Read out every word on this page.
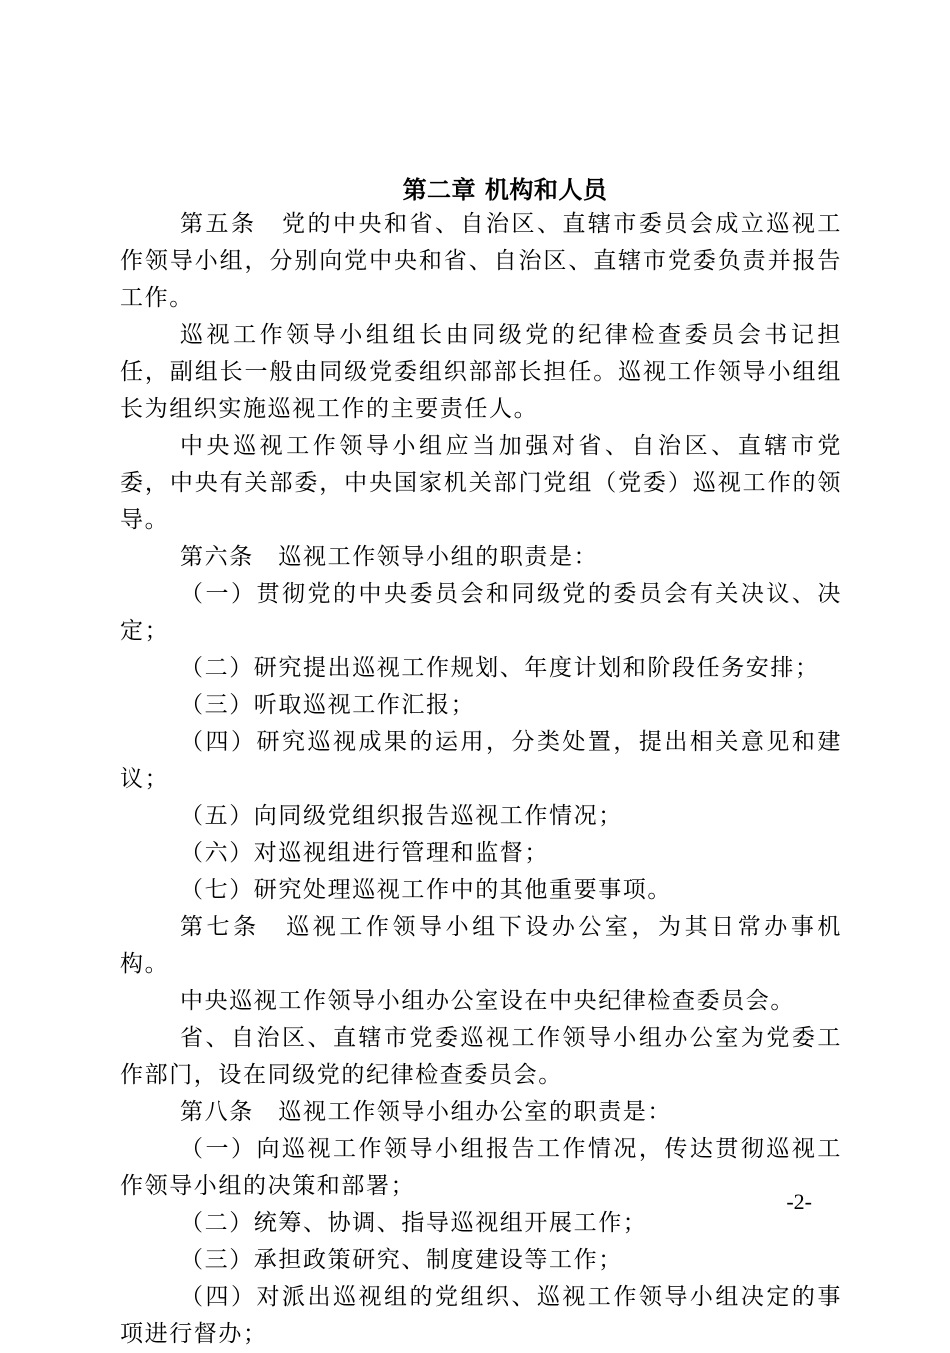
第二章 机构和人员

第五条　党的中央和省、自治区、直辖市委员会成立巡视工作领导小组，分别向党中央和省、自治区、直辖市党委负责并报告工作。

巡视工作领导小组组长由同级党的纪律检查委员会书记担任，副组长一般由同级党委组织部部长担任。巡视工作领导小组组长为组织实施巡视工作的主要责任人。

中央巡视工作领导小组应当加强对省、自治区、直辖市党委，中央有关部委，中央国家机关部门党组（党委）巡视工作的领导。

第六条　巡视工作领导小组的职责是：

（一）贯彻党的中央委员会和同级党的委员会有关决议、决定；

（二）研究提出巡视工作规划、年度计划和阶段任务安排；

（三）听取巡视工作汇报；

（四）研究巡视成果的运用，分类处置，提出相关意见和建议；

（五）向同级党组织报告巡视工作情况；

（六）对巡视组进行管理和监督；

（七）研究处理巡视工作中的其他重要事项。

第七条　巡视工作领导小组下设办公室，为其日常办事机构。

中央巡视工作领导小组办公室设在中央纪律检查委员会。

省、自治区、直辖市党委巡视工作领导小组办公室为党委工作部门，设在同级党的纪律检查委员会。

第八条　巡视工作领导小组办公室的职责是：

（一）向巡视工作领导小组报告工作情况，传达贯彻巡视工作领导小组的决策和部署；

（二）统筹、协调、指导巡视组开展工作；

（三）承担政策研究、制度建设等工作；

（四）对派出巡视组的党组织、巡视工作领导小组决定的事项进行督办；

-2-
